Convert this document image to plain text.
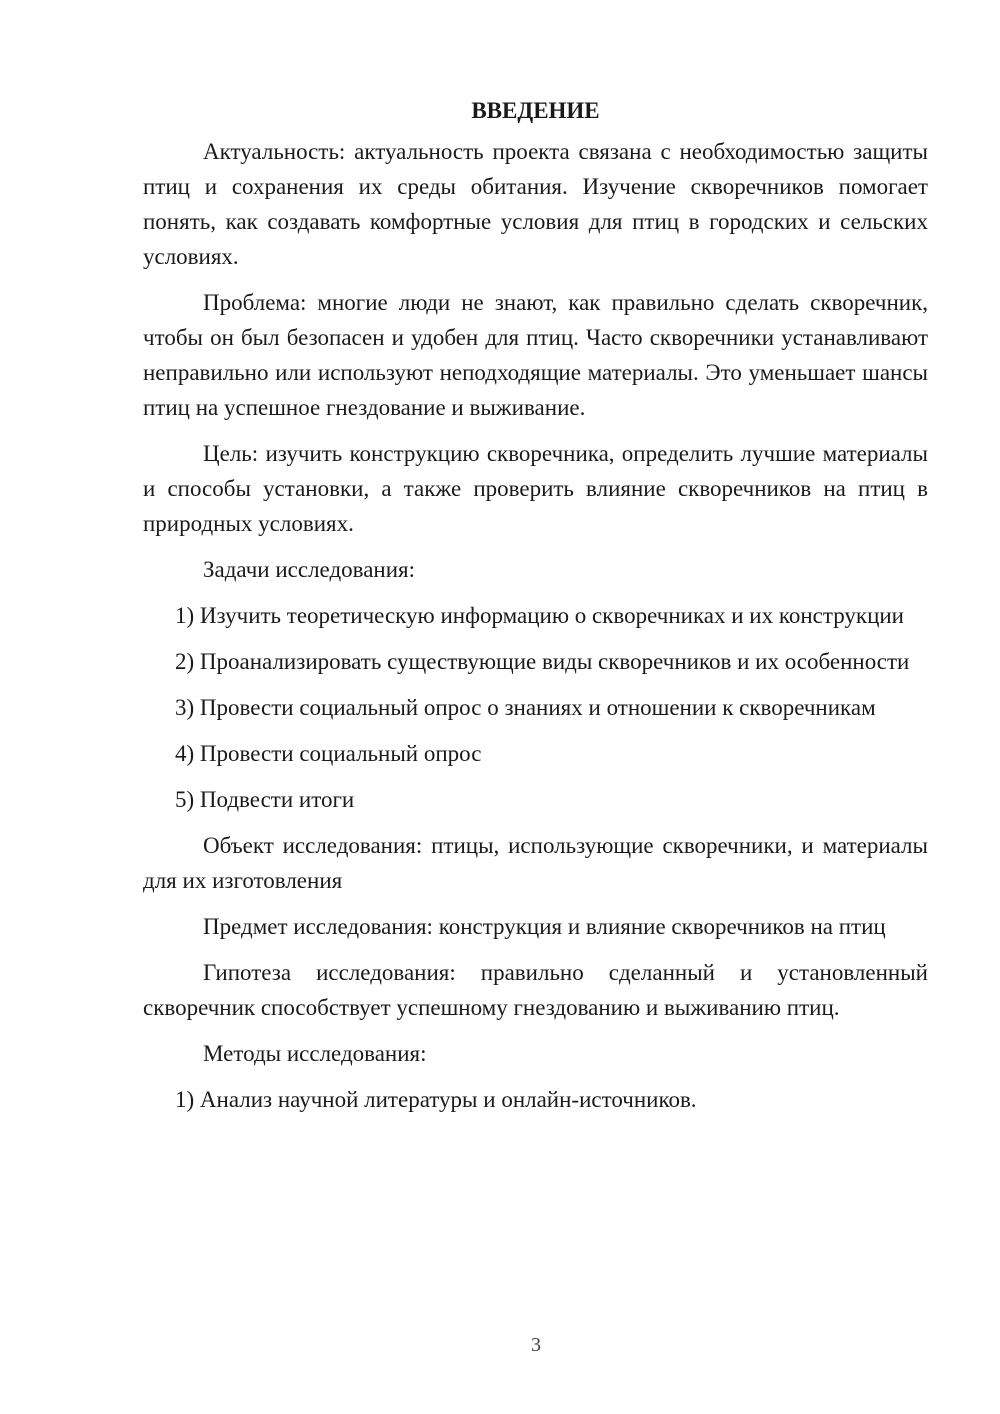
ВВЕДЕНИЕ

Актуальность: актуальность проекта связана с необходимостью защиты птиц и сохранения их среды обитания. Изучение скворечников помогает понять, как создавать комфортные условия для птиц в городских и сельских условиях.

Проблема: многие люди не знают, как правильно сделать скворечник, чтобы он был безопасен и удобен для птиц. Часто скворечники устанавливают неправильно или используют неподходящие материалы. Это уменьшает шансы птиц на успешное гнездование и выживание.

Цель: изучить конструкцию скворечника, определить лучшие материалы и способы установки, а также проверить влияние скворечников на птиц в природных условиях.

Задачи исследования:

1) Изучить теоретическую информацию о скворечниках и их конструкции

2) Проанализировать существующие виды скворечников и их особенности

3) Провести социальный опрос о знаниях и отношении к скворечникам

4) Провести социальный опрос

5) Подвести итоги

Объект исследования: птицы, использующие скворечники, и материалы для их изготовления

Предмет исследования: конструкция и влияние скворечников на птиц

Гипотеза исследования: правильно сделанный и установленный скворечник способствует успешному гнездованию и выживанию птиц.

Методы исследования:

1) Анализ научной литературы и онлайн-источников.

3
